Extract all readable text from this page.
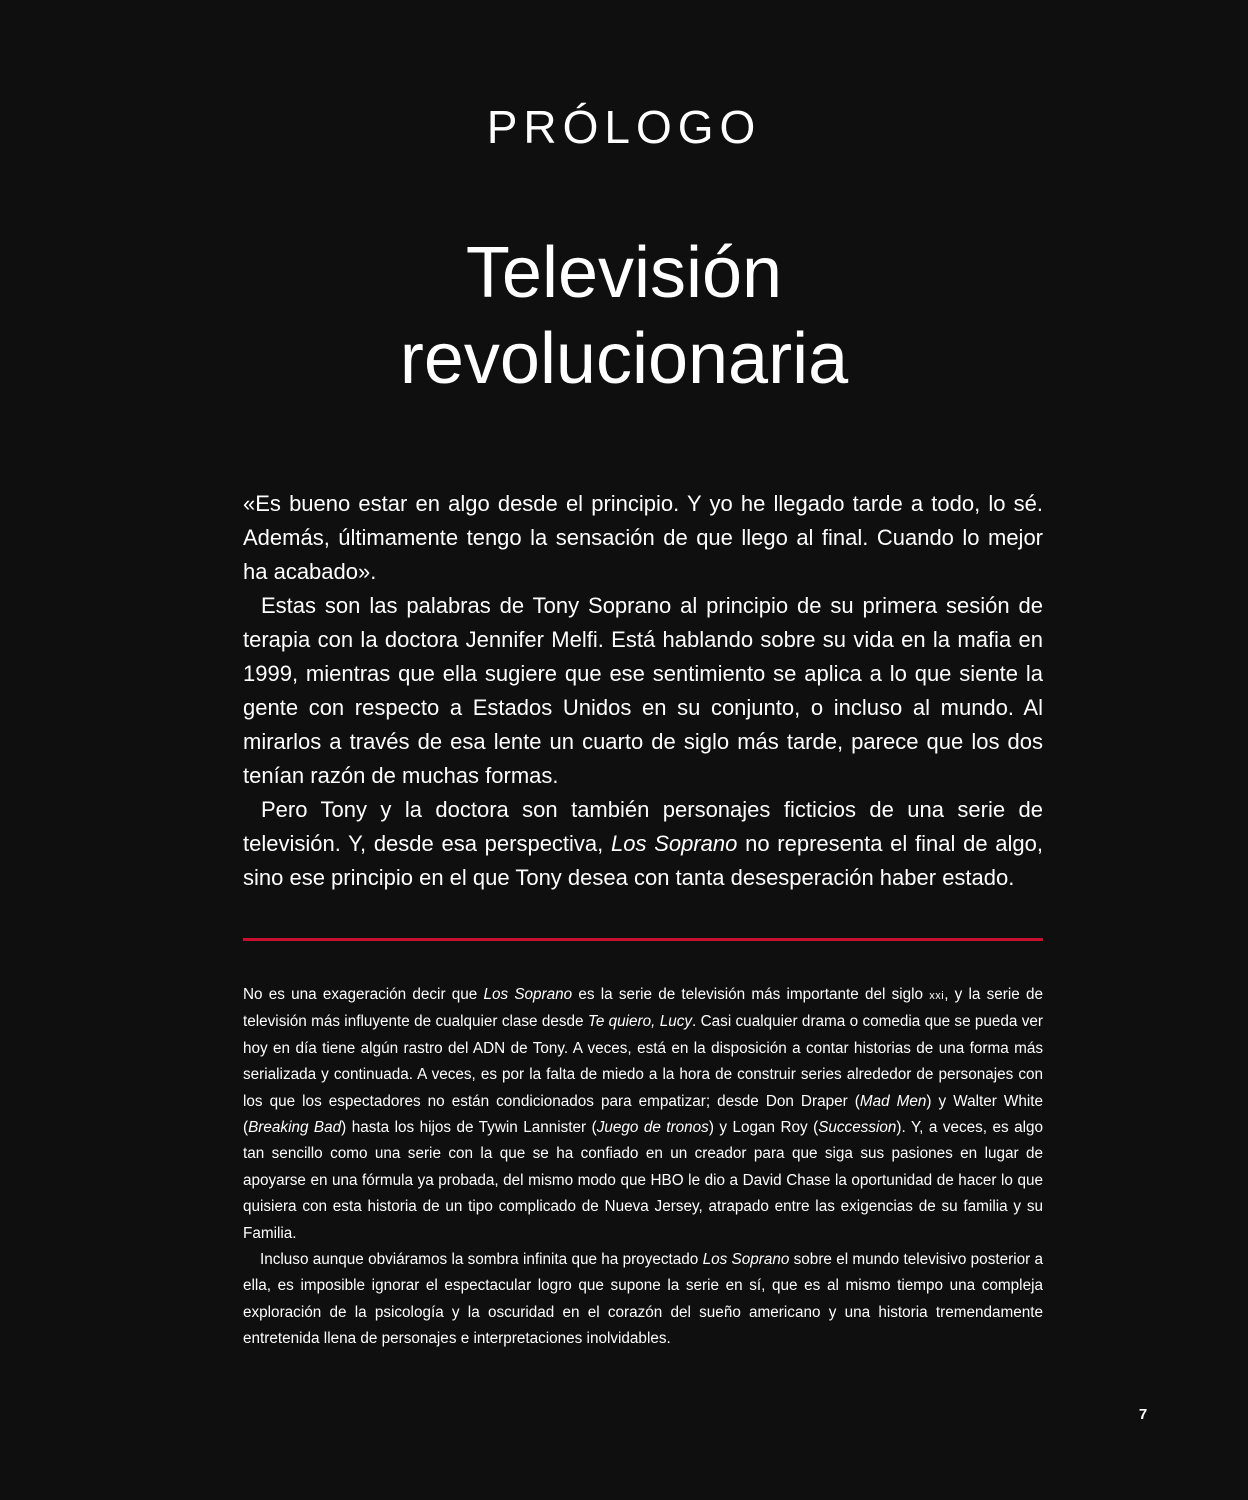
PRÓLOGO
Televisión
revolucionaria

«Es bueno estar en algo desde el principio. Y yo he llegado tarde a todo, lo sé. Además, últimamente tengo la sensación de que llego al final. Cuando lo mejor ha acabado».

Estas son las palabras de Tony Soprano al principio de su primera sesión de terapia con la doctora Jennifer Melfi. Está hablando sobre su vida en la mafia en 1999, mientras que ella sugiere que ese sentimiento se aplica a lo que siente la gente con respecto a Estados Unidos en su conjunto, o incluso al mundo. Al mirarlos a través de esa lente un cuarto de siglo más tarde, parece que los dos tenían razón de muchas formas.

Pero Tony y la doctora son también personajes ficticios de una serie de televisión. Y, desde esa perspectiva, Los Soprano no representa el final de algo, sino ese principio en el que Tony desea con tanta desesperación haber estado.

No es una exageración decir que Los Soprano es la serie de televisión más importante del siglo xxi, y la serie de televisión más influyente de cualquier clase desde Te quiero, Lucy. Casi cualquier drama o comedia que se pueda ver hoy en día tiene algún rastro del ADN de Tony. A veces, está en la disposición a contar historias de una forma más serializada y continuada. A veces, es por la falta de miedo a la hora de construir series alrededor de personajes con los que los espectadores no están condicionados para empatizar; desde Don Draper (Mad Men) y Walter White (Breaking Bad) hasta los hijos de Tywin Lannister (Juego de tronos) y Logan Roy (Succession). Y, a veces, es algo tan sencillo como una serie con la que se ha confiado en un creador para que siga sus pasiones en lugar de apoyarse en una fórmula ya probada, del mismo modo que HBO le dio a David Chase la oportunidad de hacer lo que quisiera con esta historia de un tipo complicado de Nueva Jersey, atrapado entre las exigencias de su familia y su Familia.

Incluso aunque obviáramos la sombra infinita que ha proyectado Los Soprano sobre el mundo televisivo posterior a ella, es imposible ignorar el espectacular logro que supone la serie en sí, que es al mismo tiempo una compleja exploración de la psicología y la oscuridad en el corazón del sueño americano y una historia tremendamente entretenida llena de personajes e interpretaciones inolvidables.

7
